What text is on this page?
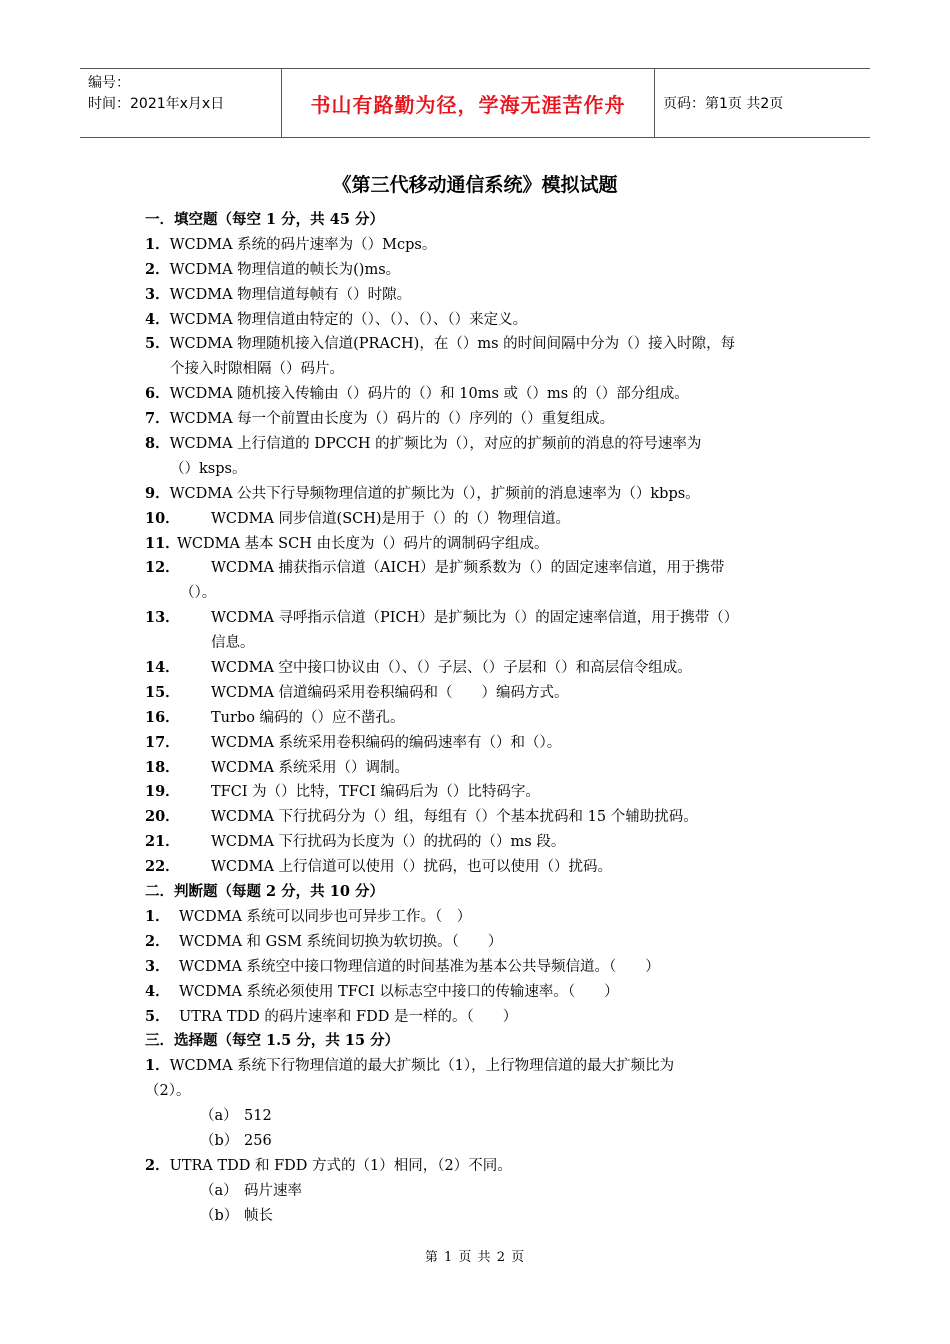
编号：
时间：2021年x月x日	书山有路勤为径，学海无涯苦作舟	页码：第1页 共2页
《第三代移动通信系统》模拟试题
一．填空题（每空 1 分，共 45 分）
1．WCDMA 系统的码片速率为（）Mcps。
2．WCDMA 物理信道的帧长为()ms。
3．WCDMA 物理信道每帧有（）时隙。
4．WCDMA 物理信道由特定的（）、（）、（）、（）来定义。
5．WCDMA 物理随机接入信道(PRACH)，在（）ms 的时间间隔中分为（）接入时隙，每
个接入时隙相隔（）码片。
6．WCDMA 随机接入传输由（）码片的（）和 10ms 或（）ms 的（）部分组成。
7．WCDMA 每一个前置由长度为（）码片的（）序列的（）重复组成。
8．WCDMA 上行信道的 DPCCH 的扩频比为（），对应的扩频前的消息的符号速率为
（）ksps。
9．WCDMA 公共下行导频物理信道的扩频比为（），扩频前的消息速率为（）kbps。
10． WCDMA 同步信道(SCH)是用于（）的（）物理信道。
11．WCDMA 基本 SCH 由长度为（）码片的调制码字组成。
12． WCDMA 捕获指示信道（AICH）是扩频系数为（）的固定速率信道，用于携带
（）。
13． WCDMA 寻呼指示信道（PICH）是扩频比为（）的固定速率信道，用于携带（）
信息。
14． WCDMA 空中接口协议由（）、（）子层、（）子层和（）和高层信令组成。
15． WCDMA 信道编码采用卷积编码和（　　）编码方式。
16． Turbo 编码的（）应不凿孔。
17． WCDMA 系统采用卷积编码的编码速率有（）和（）。
18． WCDMA 系统采用（）调制。
19． TFCI 为（）比特，TFCI 编码后为（）比特码字。
20． WCDMA 下行扰码分为（）组，每组有（）个基本扰码和 15 个辅助扰码。
21． WCDMA 下行扰码为长度为（）的扰码的（）ms 段。
22． WCDMA 上行信道可以使用（）扰码，也可以使用（）扰码。
二．判断题（每题 2 分，共 10 分）
1． WCDMA 系统可以同步也可异步工作。（　）
2． WCDMA 和 GSM 系统间切换为软切换。（　　）
3． WCDMA 系统空中接口物理信道的时间基准为基本公共导频信道。（　　）
4． WCDMA 系统必须使用 TFCI 以标志空中接口的传输速率。（　　）
5． UTRA TDD 的码片速率和 FDD 是一样的。（　　）
三．选择题（每空 1.5 分，共 15 分）
1．WCDMA 系统下行物理信道的最大扩频比（1），上行物理信道的最大扩频比为
（2）。
（a） 512
（b） 256
2．UTRA TDD 和 FDD 方式的（1）相同，（2）不同。
（a） 码片速率
（b） 帧长
第 1 页 共 2 页
